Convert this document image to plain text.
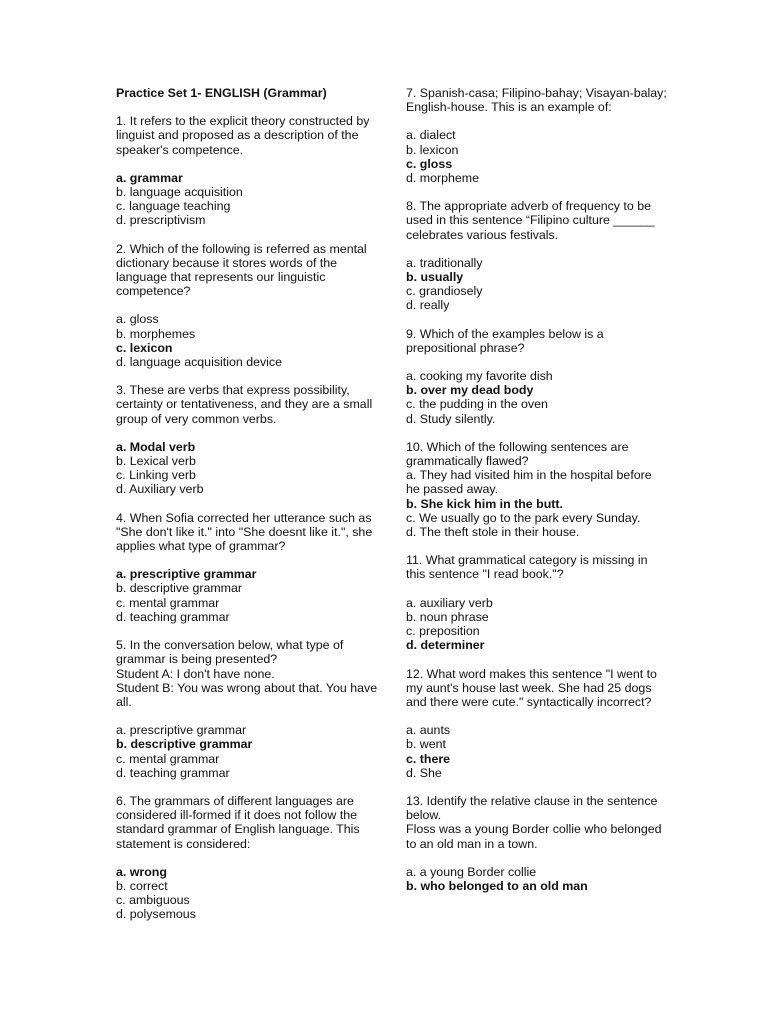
Practice Set 1- ENGLISH (Grammar)
1. It refers to the explicit theory constructed by linguist and proposed as a description of the speaker's competence.
a. grammar
b. language acquisition
c. language teaching
d. prescriptivism
2. Which of the following is referred as mental dictionary because it stores words of the language that represents our linguistic competence?
a. gloss
b. morphemes
c. lexicon
d. language acquisition device
3. These are verbs that express possibility, certainty or tentativeness, and they are a small group of very common verbs.
a. Modal verb
b. Lexical verb
c. Linking verb
d. Auxiliary verb
4. When Sofia corrected her utterance such as "She don't like it." into "She doesnt like it.", she applies what type of grammar?
a. prescriptive grammar
b. descriptive grammar
c. mental grammar
d. teaching grammar
5. In the conversation below, what type of grammar is being presented?
Student A: I don't have none.
Student B: You was wrong about that. You have all.
a. prescriptive grammar
b. descriptive grammar
c. mental grammar
d. teaching grammar
6. The grammars of different languages are considered ill-formed if it does not follow the standard grammar of English language. This statement is considered:
a. wrong
b. correct
c. ambiguous
d. polysemous
7. Spanish-casa; Filipino-bahay; Visayan-balay; English-house. This is an example of:
a. dialect
b. lexicon
c. gloss
d. morpheme
8. The appropriate adverb of frequency to be used in this sentence “Filipino culture ______ celebrates various festivals.
a. traditionally
b. usually
c. grandiosely
d. really
9. Which of the examples below is a prepositional phrase?
a. cooking my favorite dish
b. over my dead body
c. the pudding in the oven
d. Study silently.
10. Which of the following sentences are grammatically flawed?
a. They had visited him in the hospital before he passed away.
b. She kick him in the butt.
c. We usually go to the park every Sunday.
d. The theft stole in their house.
11. What grammatical category is missing in this sentence "I read book."?
a. auxiliary verb
b. noun phrase
c. preposition
d. determiner
12. What word makes this sentence "I went to my aunt's house last week. She had 25 dogs and there were cute." syntactically incorrect?
a. aunts
b. went
c. there
d. She
13. Identify the relative clause in the sentence below.
Floss was a young Border collie who belonged to an old man in a town.
a. a young Border collie
b. who belonged to an old man
